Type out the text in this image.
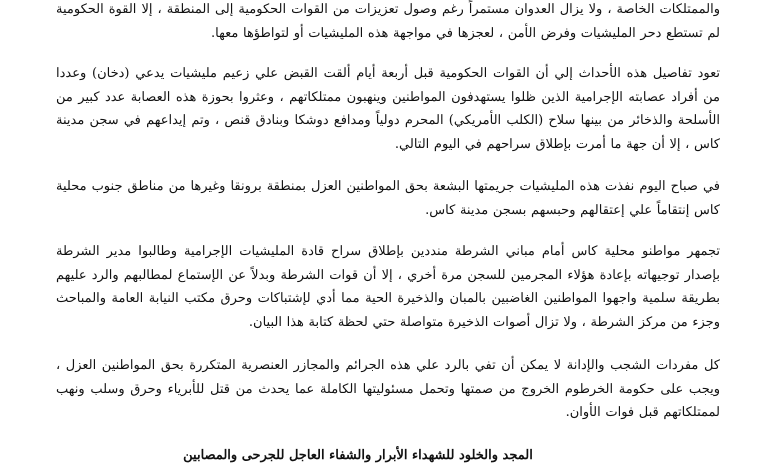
والممتلكات الخاصة ، ولا يزال العدوان مستمراً رغم وصول تعزيزات من القوات الحكومية إلى المنطقة ، إلا القوة الحكومية لم تستطع دحر المليشيات وفرض الأمن ، لعجزها في مواجهة هذه المليشيات أو لتواطؤها معها.

تعود تفاصيل هذه الأحداث إلي أن القوات الحكومية قبل أربعة أيام ألقت القبض علي زعيم مليشيات يدعي (دخان) وعددا من أفراد عصابته الإجرامية الذين ظلوا يستهدفون المواطنين وينهبون ممتلكاتهم ، وعثروا بحوزة هذه العصابة عدد كبير من الأسلحة والذخائر من بينها سلاح (الكلب الأمريكي) المحرم دولياً ومدافع دوشكا وبنادق قنص ، وتم إيداعهم في سجن مدينة كاس ، إلا أن جهة ما أمرت بإطلاق سراحهم في اليوم التالي.

في صباح اليوم نفذت هذه المليشيات جريمتها البشعة بحق المواطنين العزل بمنطقة برونقا وغيرها من مناطق جنوب محلية كاس إنتقاماً علي إعتقالهم وحبسهم بسجن مدينة كاس.

تجمهر مواطنو محلية كاس أمام مباني الشرطة منددين بإطلاق سراح قادة المليشيات الإجرامية وطالبوا مدير الشرطة بإصدار توجيهاته بإعادة هؤلاء المجرمين للسجن مرة أخري ، إلا أن قوات الشرطة وبدلاً عن الإستماع لمطالبهم والرد عليهم بطريقة سلمية واجهوا المواطنين الغاضبين بالمبان والذخيرة الحية مما أدي لإشتباكات وحرق مكتب النيابة العامة والمباحث وجزء من مركز الشرطة ، ولا تزال أصوات الذخيرة متواصلة حتي لحظة كتابة هذا البيان.

كل مفردات الشجب والإدانة لا يمكن أن تفي بالرد علي هذه الجرائم والمجازر العنصرية المتكررة بحق المواطنين العزل ، ويجب على حكومة الخرطوم الخروج من صمتها وتحمل مسئوليتها الكاملة عما يحدث من قتل للأبرياء وحرق وسلب ونهب لممتلكاتهم قبل فوات الأوان.

المجد والخلود للشهداء الأبرار والشفاء العاجل للجرحى والمصابين
